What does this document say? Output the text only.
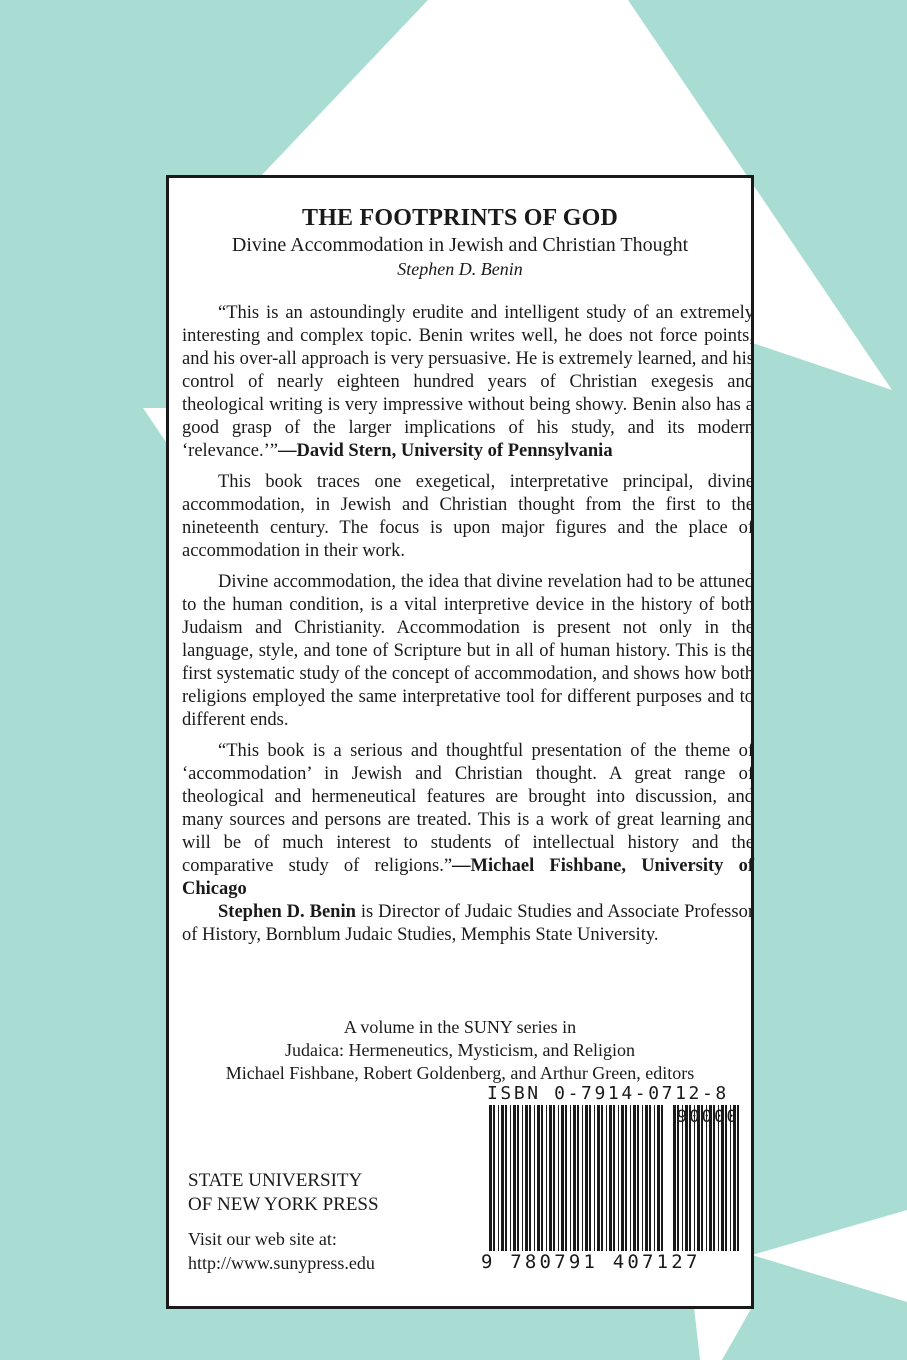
THE FOOTPRINTS OF GOD
Divine Accommodation in Jewish and Christian Thought
Stephen D. Benin

“This is an astoundingly erudite and intelligent study of an extremely interesting and complex topic. Benin writes well, he does not force points, and his over-all approach is very persuasive. He is extremely learned, and his control of nearly eighteen hundred years of Christian exegesis and theological writing is very impressive without being showy. Benin also has a good grasp of the larger implications of his study, and its modern ‘relevance.’”—David Stern, University of Pennsylvania

This book traces one exegetical, interpretative principal, divine accommodation, in Jewish and Christian thought from the first to the nineteenth century. The focus is upon major figures and the place of accommodation in their work.

Divine accommodation, the idea that divine revelation had to be attuned to the human condition, is a vital interpretive device in the history of both Judaism and Christianity. Accommodation is present not only in the language, style, and tone of Scripture but in all of human history. This is the first systematic study of the concept of accommodation, and shows how both religions employed the same interpretative tool for different purposes and to different ends.

“This book is a serious and thoughtful presentation of the theme of ‘accommodation’ in Jewish and Christian thought. A great range of theological and hermeneutical features are brought into discussion, and many sources and persons are treated. This is a work of great learning and will be of much interest to students of intellectual history and the comparative study of religions.”—Michael Fishbane, University of Chicago

Stephen D. Benin is Director of Judaic Studies and Associate Professor of History, Bornblum Judaic Studies, Memphis State University.

A volume in the SUNY series in
Judaica: Hermeneutics, Mysticism, and Religion
Michael Fishbane, Robert Goldenberg, and Arthur Green, editors
STATE UNIVERSITY
OF NEW YORK PRESS
Visit our web site at:
http://www.sunypress.edu
ISBN 0-7914-0712-8
90000
9 780791 407127
